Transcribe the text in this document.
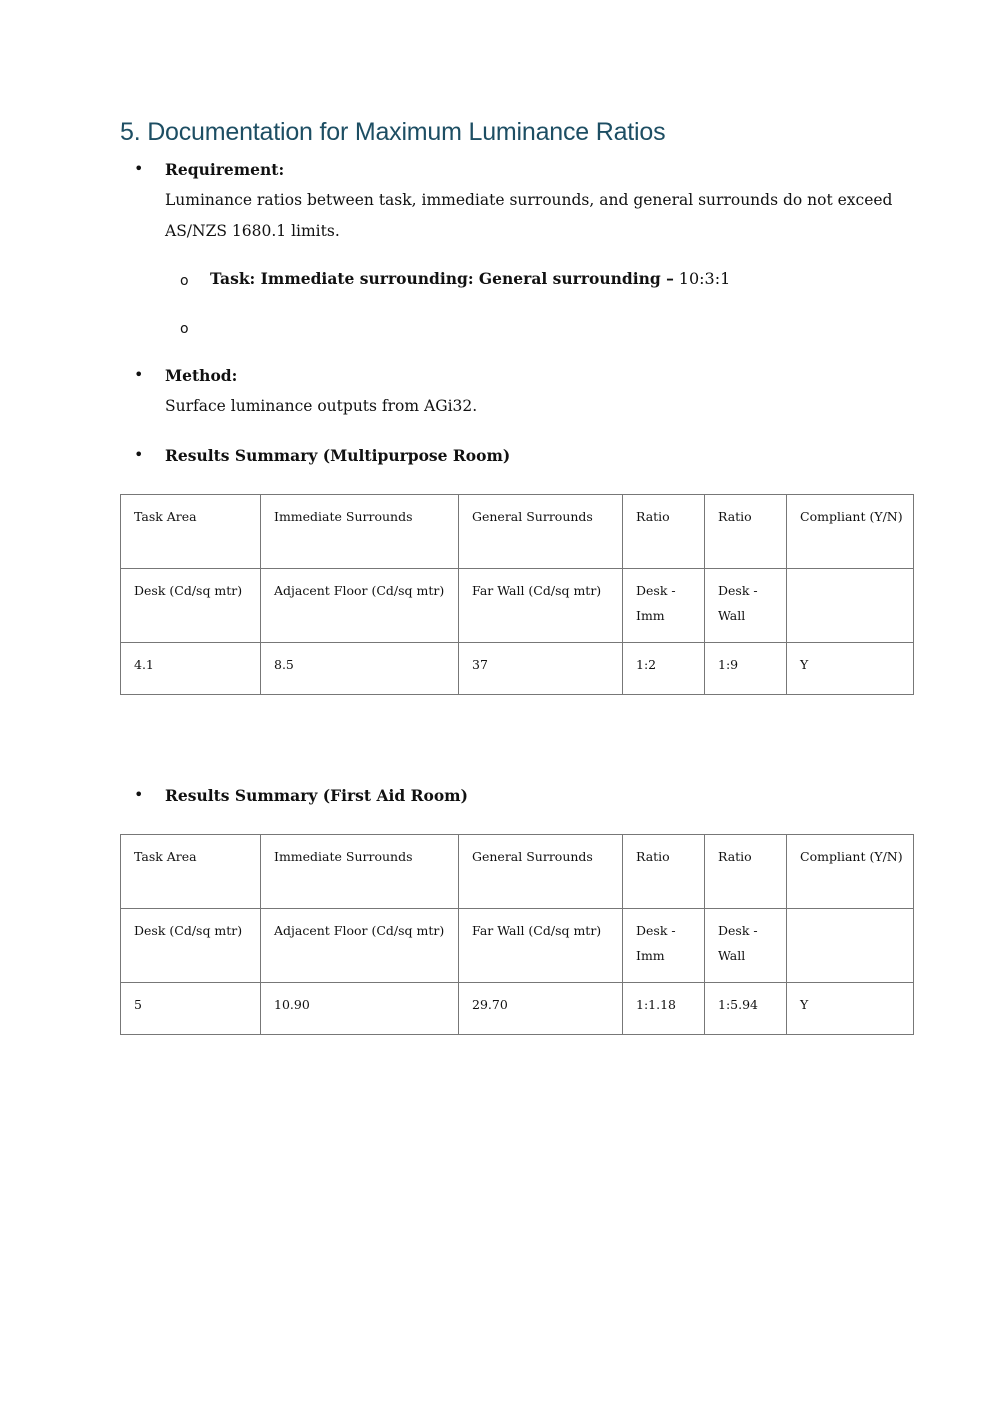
5. Documentation for Maximum Luminance Ratios
• Requirement:
Luminance ratios between task, immediate surrounds, and general surrounds do not exceed
AS/NZS 1680.1 limits.
o Task: Immediate surrounding: General surrounding – 10:3:1
o
• Method:
Surface luminance outputs from AGi32.
• Results Summary (Multipurpose Room)
Task Area	Immediate Surrounds	General Surrounds	Ratio	Ratio	Compliant (Y/N)
Desk (Cd/sq mtr)	Adjacent Floor (Cd/sq mtr)	Far Wall (Cd/sq mtr)	Desk - Imm	Desk - Wall	
4.1	8.5	37	1:2	1:9	Y
• Results Summary (First Aid Room)
Task Area	Immediate Surrounds	General Surrounds	Ratio	Ratio	Compliant (Y/N)
Desk (Cd/sq mtr)	Adjacent Floor (Cd/sq mtr)	Far Wall (Cd/sq mtr)	Desk - Imm	Desk - Wall	
5	10.90	29.70	1:1.18	1:5.94	Y
